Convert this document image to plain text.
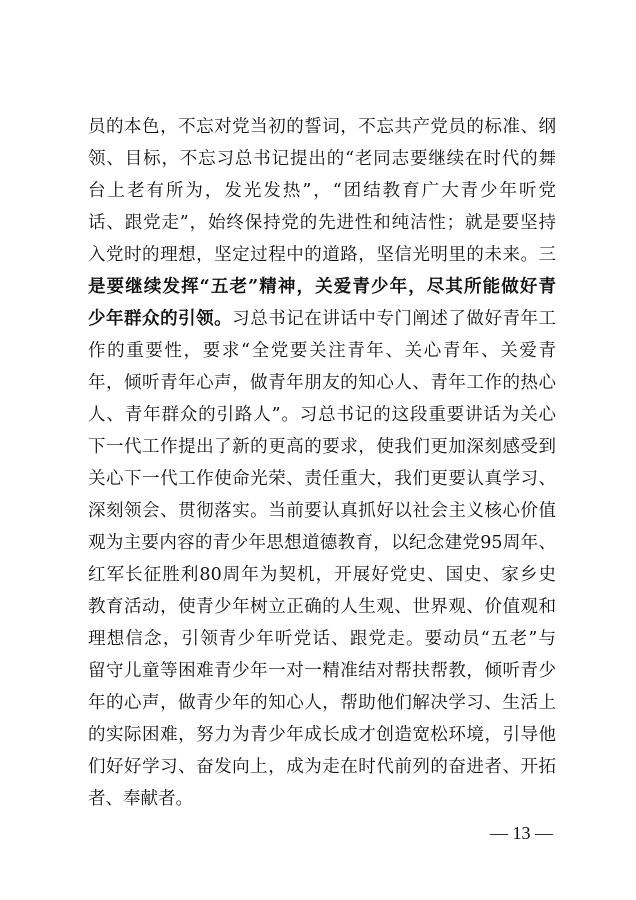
员的本色，不忘对党当初的誓词，不忘共产党员的标准、纲
领、目标，不忘习总书记提出的“老同志要继续在时代的舞
台上老有所为，发光发热”，“团结教育广大青少年听党
话、跟党走”，始终保持党的先进性和纯洁性；就是要坚持
入党时的理想，坚定过程中的道路，坚信光明里的未来。三
是要继续发挥“五老”精神，关爱青少年，尽其所能做好青
少年群众的引领。习总书记在讲话中专门阐述了做好青年工
作的重要性，要求“全党要关注青年、关心青年、关爱青
年，倾听青年心声，做青年朋友的知心人、青年工作的热心
人、青年群众的引路人”。习总书记的这段重要讲话为关心
下一代工作提出了新的更高的要求，使我们更加深刻感受到
关心下一代工作使命光荣、责任重大，我们更要认真学习、
深刻领会、贯彻落实。当前要认真抓好以社会主义核心价值
观为主要内容的青少年思想道德教育，以纪念建党95周年、
红军长征胜利80周年为契机，开展好党史、国史、家乡史
教育活动，使青少年树立正确的人生观、世界观、价值观和
理想信念，引领青少年听党话、跟党走。要动员“五老”与
留守儿童等困难青少年一对一精准结对帮扶帮教，倾听青少
年的心声，做青少年的知心人，帮助他们解决学习、生活上
的实际困难，努力为青少年成长成才创造宽松环境，引导他
们好好学习、奋发向上，成为走在时代前列的奋进者、开拓
者、奉献者。
— 13 —
